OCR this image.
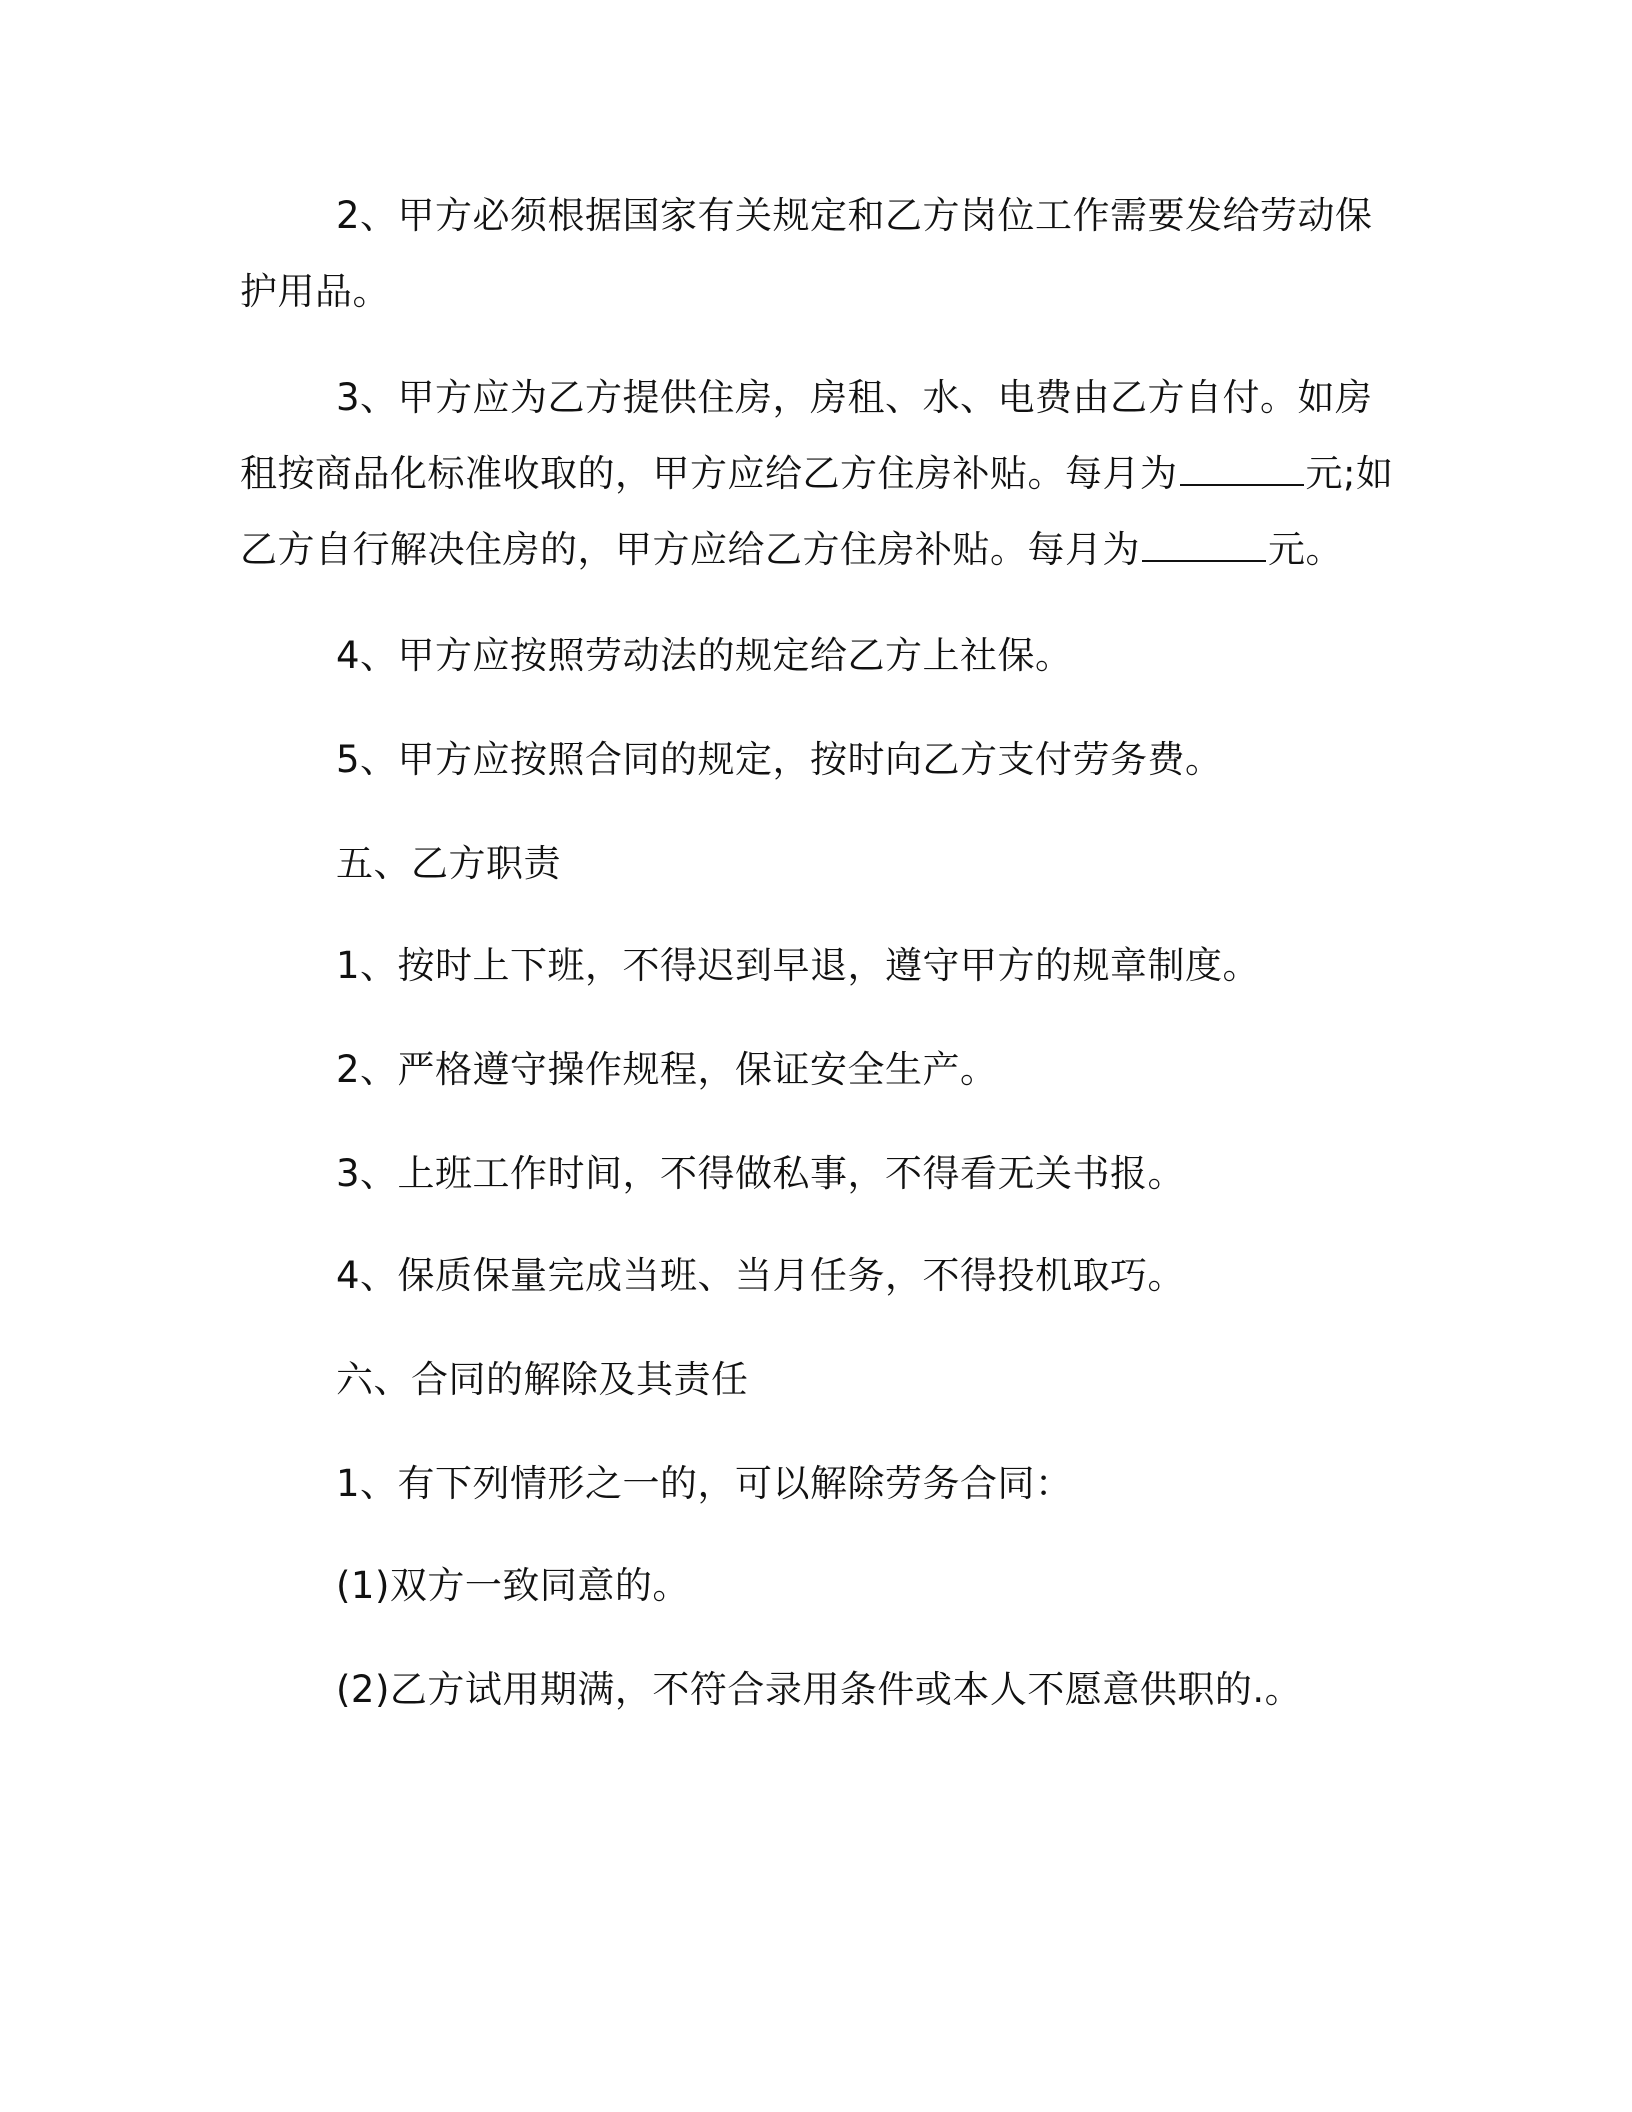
2、甲方必须根据国家有关规定和乙方岗位工作需要发给劳动保护用品。
3、甲方应为乙方提供住房，房租、水、电费由乙方自付。如房租按商品化标准收取的，甲方应给乙方住房补贴。每月为	元;如乙方自行解决住房的，甲方应给乙方住房补贴。每月为	元。
4、甲方应按照劳动法的规定给乙方上社保。
5、甲方应按照合同的规定，按时向乙方支付劳务费。
五、乙方职责
1、按时上下班，不得迟到早退，遵守甲方的规章制度。
2、严格遵守操作规程，保证安全生产。
3、上班工作时间，不得做私事，不得看无关书报。
4、保质保量完成当班、当月任务，不得投机取巧。
六、合同的解除及其责任
1、有下列情形之一的，可以解除劳务合同：
(1)双方一致同意的。
(2)乙方试用期满，不符合录用条件或本人不愿意供职的.。
